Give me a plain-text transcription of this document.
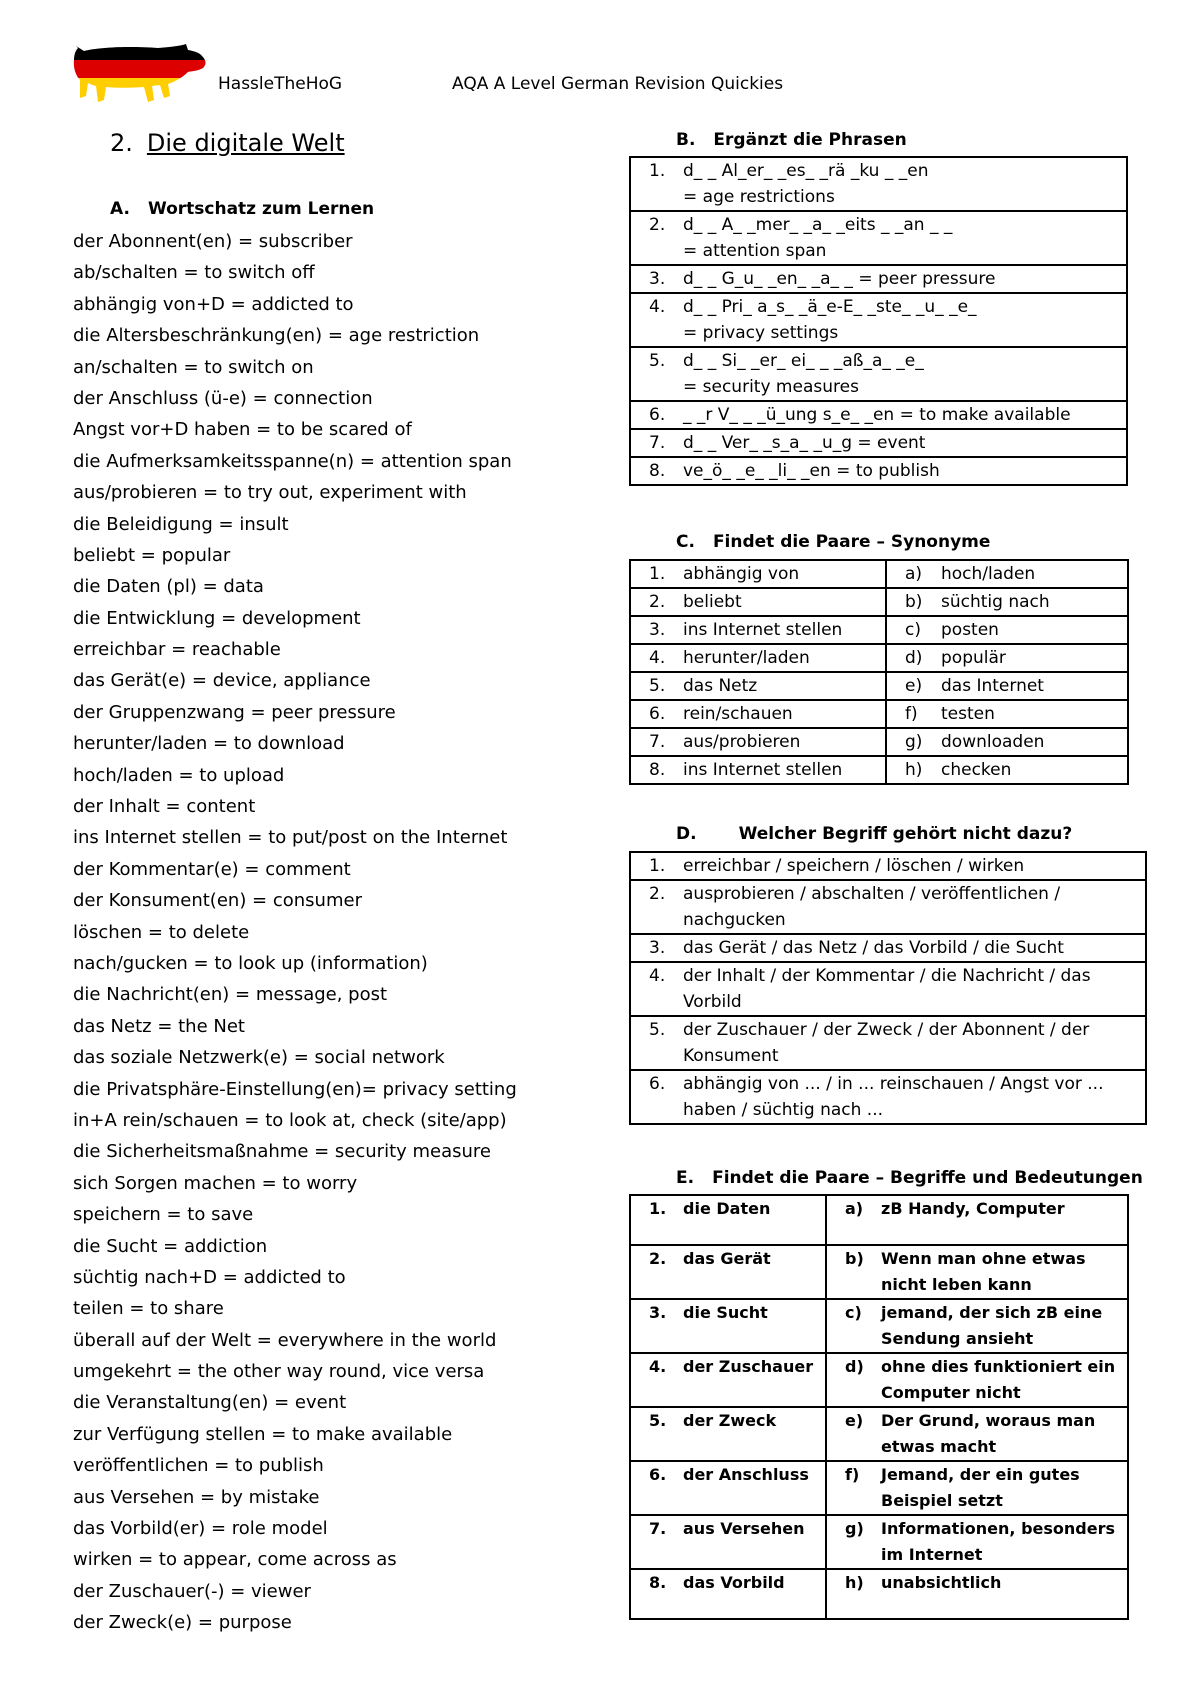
HassleTheHoG	AQA A Level German Revision Quickies
2. Die digitale Welt
A. Wortschatz zum Lernen
der Abonnent(en) = subscriber
ab/schalten = to switch off
abhängig von+D = addicted to
die Altersbeschränkung(en) = age restriction
an/schalten = to switch on
der Anschluss (ü-e) = connection
Angst vor+D haben = to be scared of
die Aufmerksamkeitsspanne(n) = attention span
aus/probieren = to try out, experiment with
die Beleidigung = insult
beliebt = popular
die Daten (pl) = data
die Entwicklung = development
erreichbar = reachable
das Gerät(e) = device, appliance
der Gruppenzwang = peer pressure
herunter/laden = to download
hoch/laden = to upload
der Inhalt = content
ins Internet stellen = to put/post on the Internet
der Kommentar(e) = comment
der Konsument(en) = consumer
löschen = to delete
nach/gucken = to look up (information)
die Nachricht(en) = message, post
das Netz = the Net
das soziale Netzwerk(e) = social network
die Privatsphäre-Einstellung(en)= privacy setting
in+A rein/schauen = to look at, check (site/app)
die Sicherheitsmaßnahme = security measure
sich Sorgen machen = to worry
speichern = to save
die Sucht = addiction
süchtig nach+D = addicted to
teilen = to share
überall auf der Welt = everywhere in the world
umgekehrt = the other way round, vice versa
die Veranstaltung(en) = event
zur Verfügung stellen = to make available
veröffentlichen = to publish
aus Versehen = by mistake
das Vorbild(er) = role model
wirken = to appear, come across as
der Zuschauer(-) = viewer
der Zweck(e) = purpose
B. Ergänzt die Phrasen
1. d_ _ Al_er_ _es_ _rä _ku _ _en
= age restrictions

2. d_ _ A_ _mer_ _a_ _eits _ _an _ _
= attention span

3. d_ _ G_u_ _en_ _a_ _ = peer pressure

4. d_ _ Pri_ a_s_ _ä_e-E_ _ste_ _u_ _e_
= privacy settings

5. d_ _ Si_ _er_ ei_ _ _aß_a_ _e_
= security measures

6. _ _r V_ _ _ü_ung s_e_ _en = to make available

7. d_ _ Ver_ _s_a_ _u_g = event

8. ve_ö_ _e_ _li_ _en = to publish
C. Findet die Paare – Synonyme
1. abhängig von	a) hoch/laden
2. beliebt	b) süchtig nach
3. ins Internet stellen	c) posten
4. herunter/laden	d) populär
5. das Netz	e) das Internet
6. rein/schauen	f) testen
7. aus/probieren	g) downloaden
8. ins Internet stellen	h) checken
D. Welcher Begriff gehört nicht dazu?
1. erreichbar / speichern / löschen / wirken

2. ausprobieren / abschalten / veröffentlichen /
nachgucken

3. das Gerät / das Netz / das Vorbild / die Sucht

4. der Inhalt / der Kommentar / die Nachricht / das
Vorbild

5. der Zuschauer / der Zweck / der Abonnent / der
Konsument

6. abhängig von ... / in ... reinschauen / Angst vor ...
haben / süchtig nach ...
E. Findet die Paare – Begriffe und Bedeutungen
1. die Daten	a) zB Handy, Computer

2. das Gerät	b) Wenn man ohne etwas
nicht leben kann

3. die Sucht	c) jemand, der sich zB eine
Sendung ansieht

4. der Zuschauer	d) ohne dies funktioniert ein
Computer nicht

5. der Zweck	e) Der Grund, woraus man
etwas macht

6. der Anschluss	f) Jemand, der ein gutes
Beispiel setzt

7. aus Versehen	g) Informationen, besonders
im Internet

8. das Vorbild	h) unabsichtlich
